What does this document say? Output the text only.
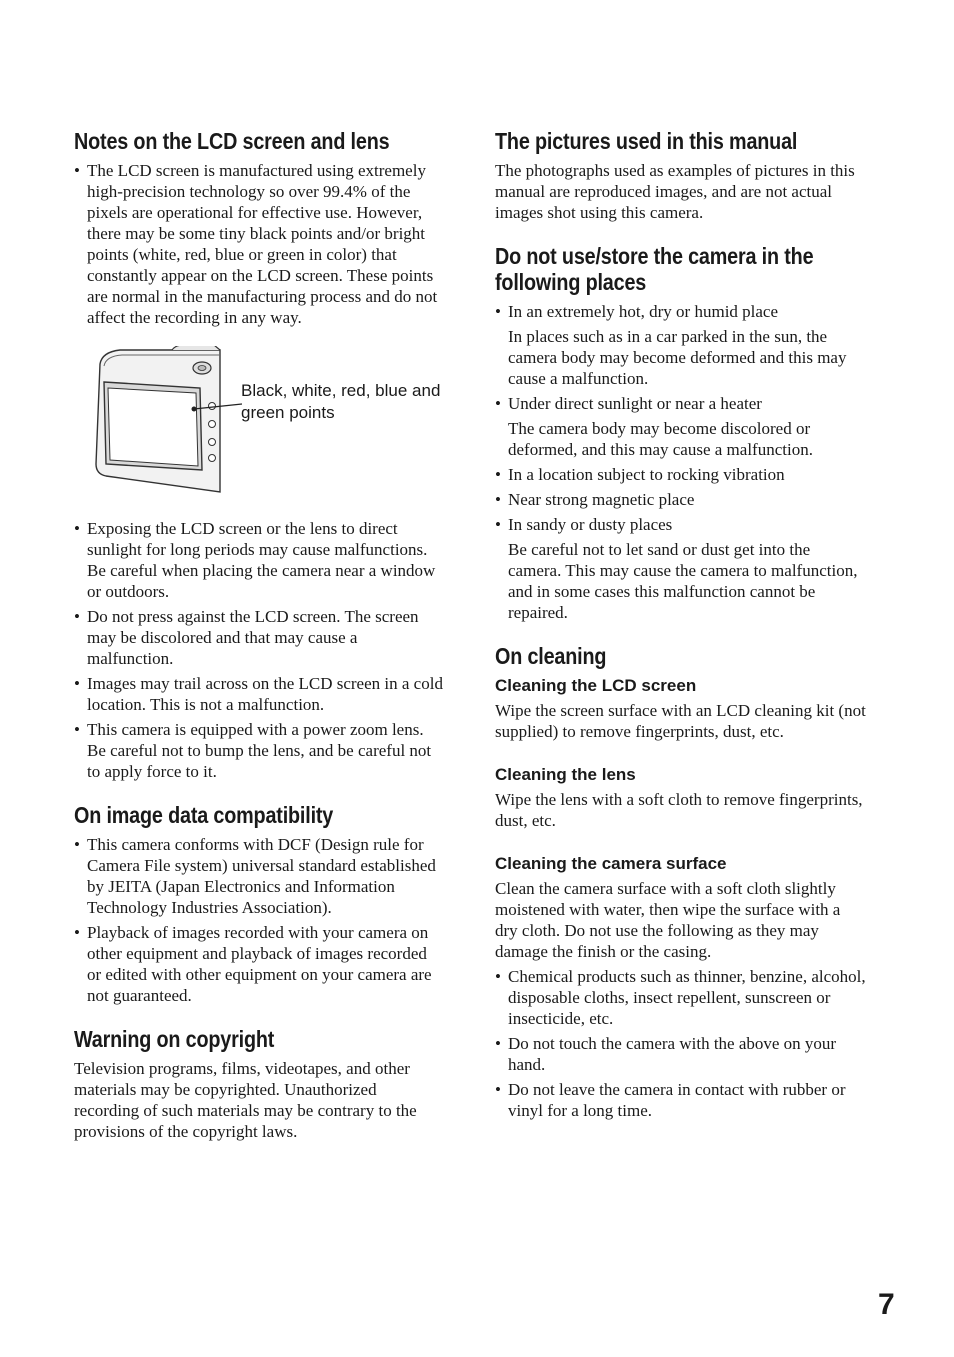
Notes on the LCD screen and lens
• The LCD screen is manufactured using extremely high-precision technology so over 99.4% of the pixels are operational for effective use. However, there may be some tiny black points and/or bright points (white, red, blue or green in color) that constantly appear on the LCD screen. These points are normal in the manufacturing process and do not affect the recording in any way.
Black, white, red, blue and green points
• Exposing the LCD screen or the lens to direct sunlight for long periods may cause malfunctions. Be careful when placing the camera near a window or outdoors.
• Do not press against the LCD screen. The screen may be discolored and that may cause a malfunction.
• Images may trail across on the LCD screen in a cold location. This is not a malfunction.
• This camera is equipped with a power zoom lens. Be careful not to bump the lens, and be careful not to apply force to it.
On image data compatibility
• This camera conforms with DCF (Design rule for Camera File system) universal standard established by JEITA (Japan Electronics and Information Technology Industries Association).
• Playback of images recorded with your camera on other equipment and playback of images recorded or edited with other equipment on your camera are not guaranteed.
Warning on copyright

Television programs, films, videotapes, and other materials may be copyrighted. Unauthorized recording of such materials may be contrary to the provisions of the copyright laws.

The pictures used in this manual

The photographs used as examples of pictures in this manual are reproduced images, and are not actual images shot using this camera.

Do not use/store the camera in the following places
• In an extremely hot, dry or humid place

In places such as in a car parked in the sun, the camera body may become deformed and this may cause a malfunction.

• Under direct sunlight or near a heater

The camera body may become discolored or deformed, and this may cause a malfunction.

• In a location subject to rocking vibration
• Near strong magnetic place
• In sandy or dusty places

Be careful not to let sand or dust get into the camera. This may cause the camera to malfunction, and in some cases this malfunction cannot be repaired.

On cleaning
Cleaning the LCD screen

Wipe the screen surface with an LCD cleaning kit (not supplied) to remove fingerprints, dust, etc.

Cleaning the lens

Wipe the lens with a soft cloth to remove fingerprints, dust, etc.

Cleaning the camera surface

Clean the camera surface with a soft cloth slightly moistened with water, then wipe the surface with a dry cloth. Do not use the following as they may damage the finish or the casing.

• Chemical products such as thinner, benzine, alcohol, disposable cloths, insect repellent, sunscreen or insecticide, etc.
• Do not touch the camera with the above on your hand.
• Do not leave the camera in contact with rubber or vinyl for a long time.
7
